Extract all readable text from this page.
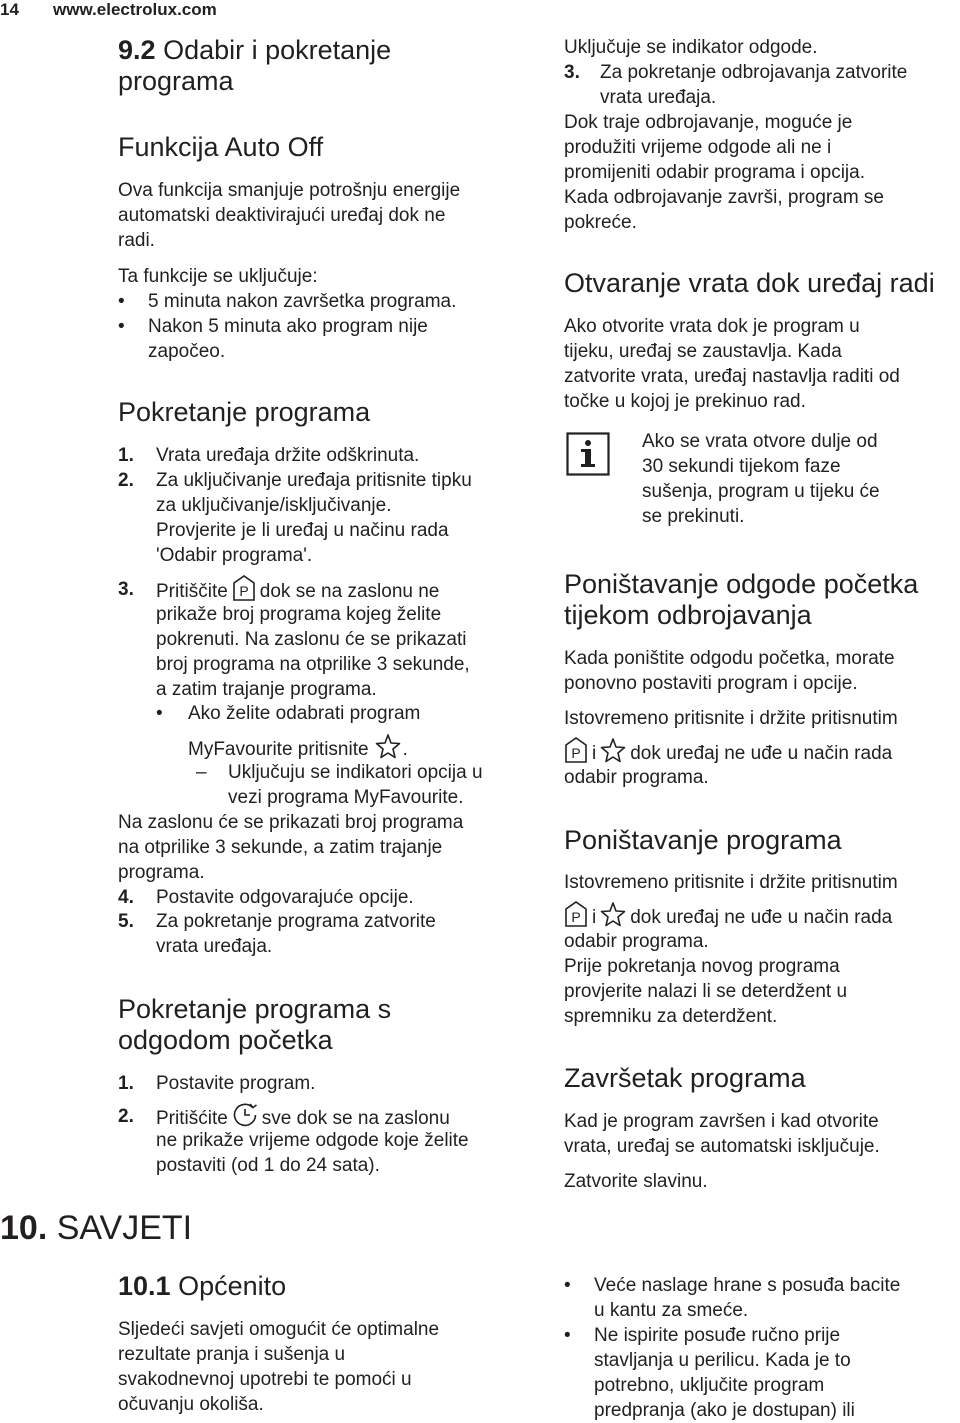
14 www.electrolux.com
9.2 Odabir i pokretanje
programa
Funkcija Auto Off
Ova funkcija smanjuje potrošnju energije
automatski deaktivirajući uređaj dok ne
radi.
Ta funkcije se uključuje:
• 5 minuta nakon završetka programa.
• Nakon 5 minuta ako program nije
započeo.
Pokretanje programa
1. Vrata uređaja držite odškrinuta.
2. Za uključivanje uređaja pritisnite tipku
za uključivanje/isključivanje.
Provjerite je li uređaj u načinu rada
'Odabir programa'.
3. Pritiščite P dok se na zaslonu ne
prikaže broj programa kojeg želite
pokrenuti. Na zaslonu će se prikazati
broj programa na otprilike 3 sekunde,
a zatim trajanje programa.
• Ako želite odabrati program
MyFavourite pritisnite .
– Uključuju se indikatori opcija u
vezi programa MyFavourite.
Na zaslonu će se prikazati broj programa
na otprilike 3 sekunde, a zatim trajanje
programa.
4. Postavite odgovarajuće opcije.
5. Za pokretanje programa zatvorite
vrata uređaja.
Pokretanje programa s
odgodom početka
1. Postavite program.
2. Pritišćite sve dok se na zaslonu
ne prikaže vrijeme odgode koje želite
postaviti (od 1 do 24 sata).
10. SAVJETI
10.1 Općenito
Sljedeći savjeti omogućit će optimalne
rezultate pranja i sušenja u
svakodnevnoj upotrebi te pomoći u
očuvanju okoliša.
Uključuje se indikator odgode.
3. Za pokretanje odbrojavanja zatvorite
vrata uređaja.
Dok traje odbrojavanje, moguće je
produžiti vrijeme odgode ali ne i
promijeniti odabir programa i opcija.
Kada odbrojavanje završi, program se
pokreće.
Otvaranje vrata dok uređaj radi
Ako otvorite vrata dok je program u
tijeku, uređaj se zaustavlja. Kada
zatvorite vrata, uređaj nastavlja raditi od
točke u kojoj je prekinuo rad.
Ako se vrata otvore dulje od
30 sekundi tijekom faze
sušenja, program u tijeku će
se prekinuti.
Poništavanje odgode početka
tijekom odbrojavanja
Kada poništite odgodu početka, morate
ponovno postaviti program i opcije.
Istovremeno pritisnite i držite pritisnutim
P i dok uređaj ne uđe u način rada
odabir programa.
Poništavanje programa
Istovremeno pritisnite i držite pritisnutim
P i dok uređaj ne uđe u način rada
odabir programa.
Prije pokretanja novog programa
provjerite nalazi li se deterdžent u
spremniku za deterdžent.
Završetak programa
Kad je program završen i kad otvorite
vrata, uređaj se automatski isključuje.
Zatvorite slavinu.
• Veće naslage hrane s posuđa bacite
u kantu za smeće.
• Ne ispirite posuđe ručno prije
stavljanja u perilicu. Kada je to
potrebno, uključite program
predpranja (ako je dostupan) ili
